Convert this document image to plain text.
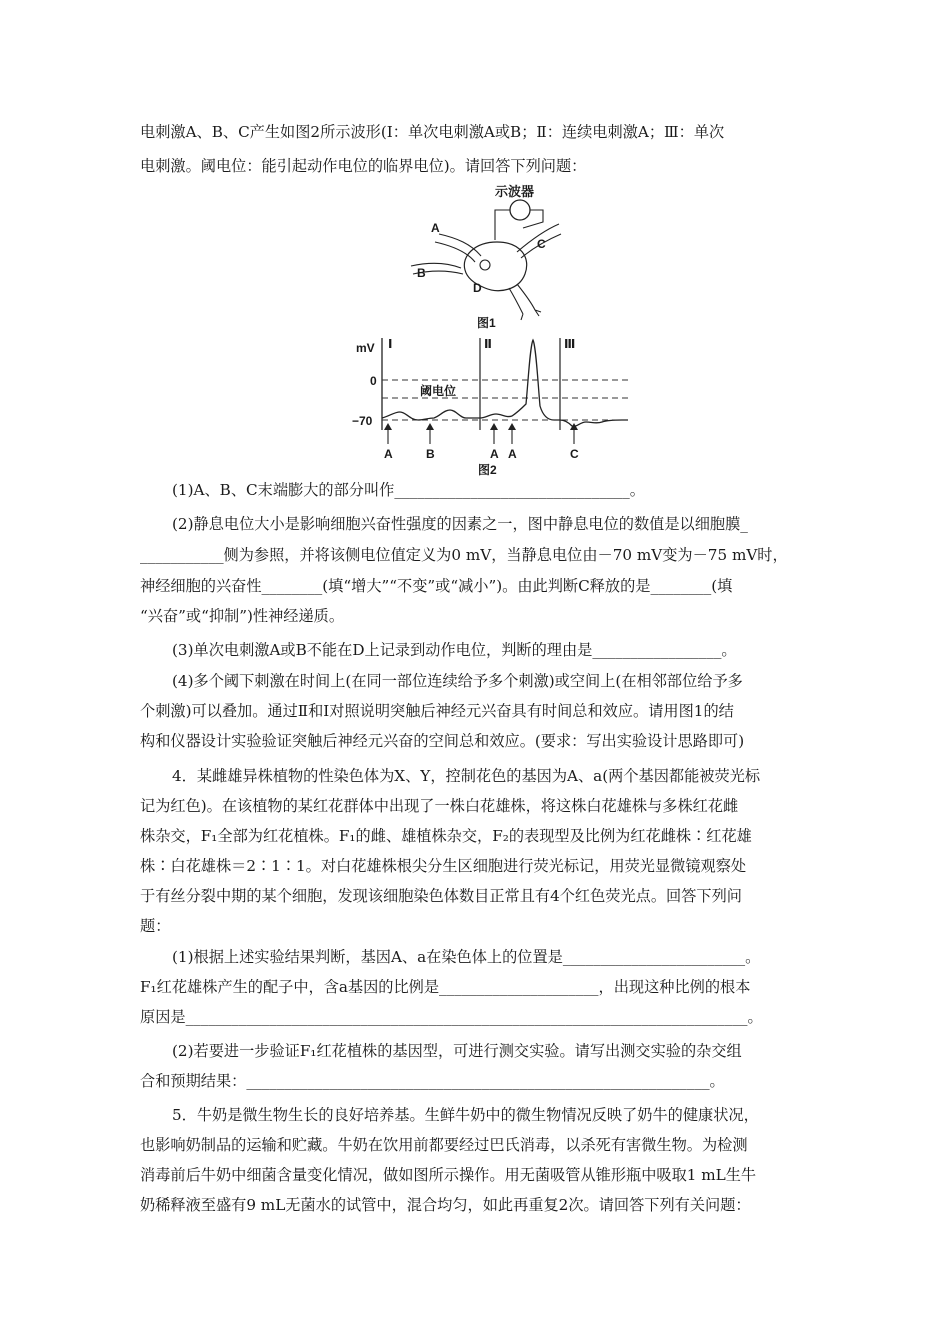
电刺激A、B、C产生如图2所示波形(Ⅰ：单次电刺激A或B；Ⅱ：连续电刺激A；Ⅲ：单次
电刺激。阈电位：能引起动作电位的临界电位)。请回答下列问题：
示波器
A
B
C
D
图1
mV
0
−70
阈电位
Ⅰ	Ⅱ	Ⅲ
A	B	A A	C
图2
(1)A、B、C末端膨大的部分叫作_______________________________。
(2)静息电位大小是影响细胞兴奋性强度的因素之一，图中静息电位的数值是以细胞膜_
___________侧为参照，并将该侧电位值定义为0 mV，当静息电位由－70 mV变为－75 mV时，
神经细胞的兴奋性________(填“增大”“不变”或“减小”)。由此判断C释放的是________(填
“兴奋”或“抑制”)性神经递质。
(3)单次电刺激A或B不能在D上记录到动作电位，判断的理由是_________________。
(4)多个阈下刺激在时间上(在同一部位连续给予多个刺激)或空间上(在相邻部位给予多
个刺激)可以叠加。通过Ⅱ和Ⅰ对照说明突触后神经元兴奋具有时间总和效应。请用图1的结
构和仪器设计实验验证突触后神经元兴奋的空间总和效应。(要求：写出实验设计思路即可)
4．某雌雄异株植物的性染色体为X、Y，控制花色的基因为A、a(两个基因都能被荧光标
记为红色)。在该植物的某红花群体中出现了一株白花雄株，将这株白花雄株与多株红花雌
株杂交，F₁全部为红花植株。F₁的雌、雄植株杂交，F₂的表现型及比例为红花雌株∶红花雄
株∶白花雄株＝2∶1∶1。对白花雄株根尖分生区细胞进行荧光标记，用荧光显微镜观察处
于有丝分裂中期的某个细胞，发现该细胞染色体数目正常且有4个红色荧光点。回答下列问
题：
(1)根据上述实验结果判断，基因A、a在染色体上的位置是________________________。
F₁红花雄株产生的配子中，含a基因的比例是_____________________，出现这种比例的根本
原因是__________________________________________________________________________。
(2)若要进一步验证F₁红花植株的基因型，可进行测交实验。请写出测交实验的杂交组
合和预期结果：_____________________________________________________________。
5．牛奶是微生物生长的良好培养基。生鲜牛奶中的微生物情况反映了奶牛的健康状况，
也影响奶制品的运输和贮藏。牛奶在饮用前都要经过巴氏消毒，以杀死有害微生物。为检测
消毒前后牛奶中细菌含量变化情况，做如图所示操作。用无菌吸管从锥形瓶中吸取1 mL生牛
奶稀释液至盛有9 mL无菌水的试管中，混合均匀，如此再重复2次。请回答下列有关问题：
